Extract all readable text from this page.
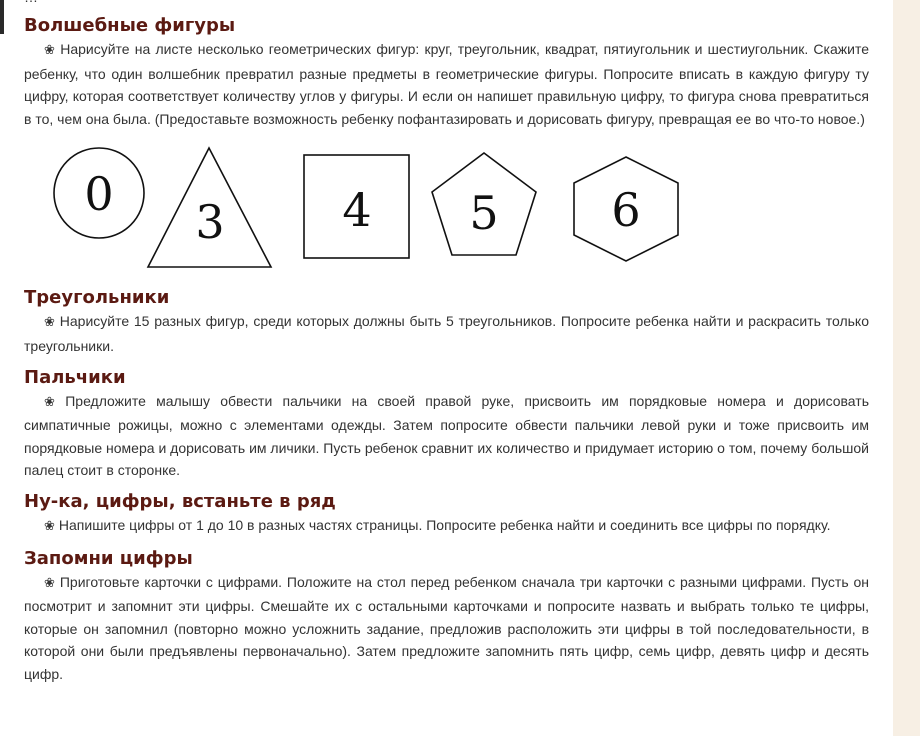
Волшебные фигуры

❀ Нарисуйте на листе несколько геометрических фигур: круг, треугольник, квадрат, пятиугольник и шестиугольник. Скажите ребенку, что один волшебник превратил разные предметы в геометрические фигуры. Попросите вписать в каждую фигуру ту цифру, которая соответствует количеству углов у фигуры. И если он напишет правильную цифру, то фигура снова превратиться в то, чем она была. (Предоставьте возможность ребенку пофантазировать и дорисовать фигуру, превращая ее во что-то новое.)

0
3	4 5 6
Треугольники

❀ Нарисуйте 15 разных фигур, среди которых должны быть 5 треугольников. Попросите ребенка найти и раскрасить только треугольники.

Пальчики

❀ Предложите малышу обвести пальчики на своей правой руке, присвоить им порядковые номера и дорисовать симпатичные рожицы, можно с элементами одежды. Затем попросите обвести пальчики левой руки и тоже присвоить им порядковые номера и дорисовать им личики. Пусть ребенок сравнит их количество и придумает историю о том, почему большой палец стоит в сторонке.

Ну-ка, цифры, встаньте в ряд

❀ Напишите цифры от 1 до 10 в разных частях страницы. Попросите ребенка найти и соединить все цифры по порядку.

Запомни цифры

❀ Приготовьте карточки с цифрами. Положите на стол перед ребенком сначала три карточки с разными цифрами. Пусть он посмотрит и запомнит эти цифры. Смешайте их с остальными карточками и попросите назвать и выбрать только те цифры, которые он запомнил (повторно можно усложнить задание, предложив расположить эти цифры в той последовательности, в которой они были предъявлены первоначально). Затем предложите запомнить пять цифр, семь цифр, девять цифр и десять цифр.
